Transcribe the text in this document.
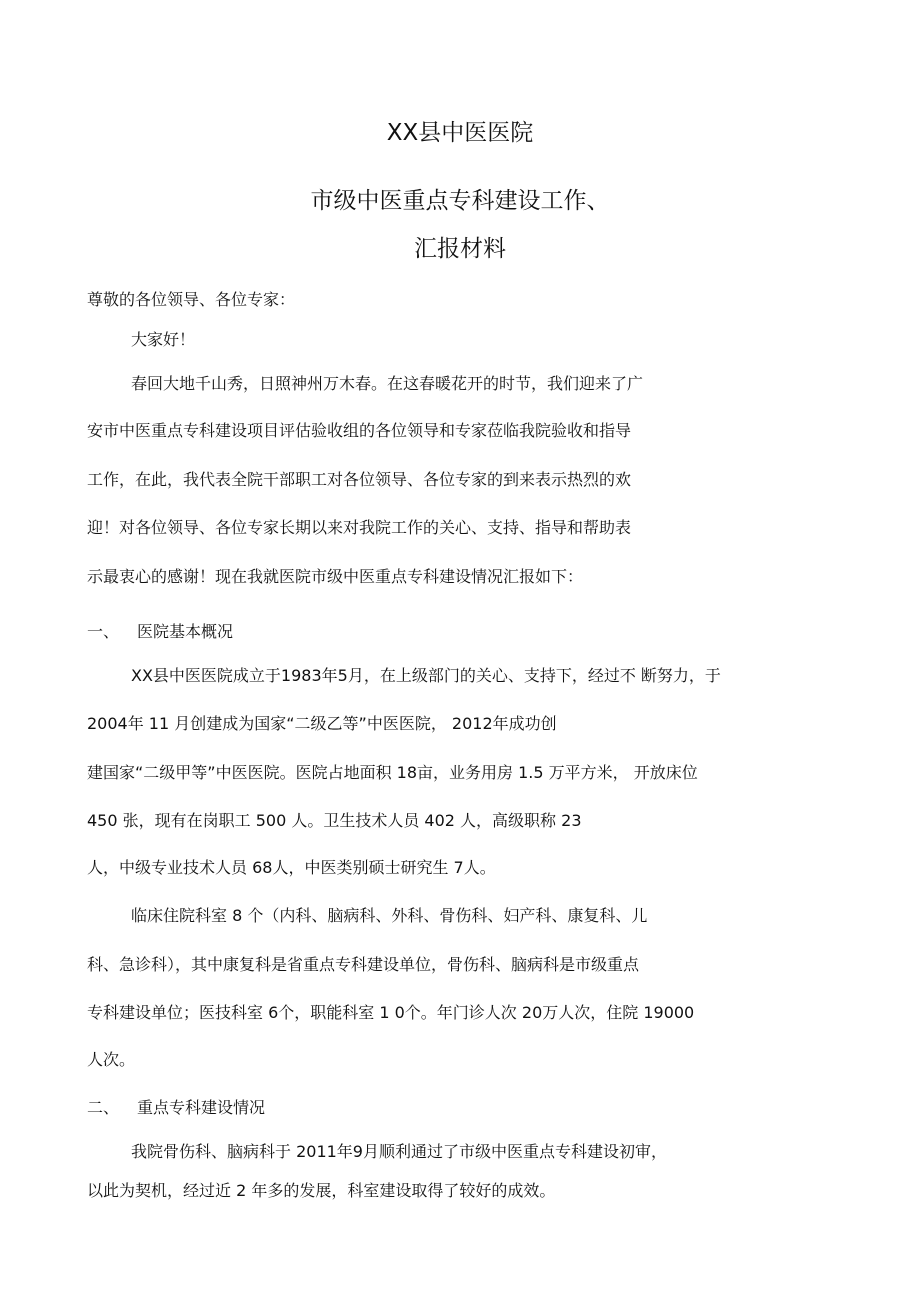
XX县中医医院
市级中医重点专科建设工作、
汇报材料
尊敬的各位领导、各位专家：
大家好！
春回大地千山秀，日照神州万木春。在这春暖花开的时节，我们迎来了广
安市中医重点专科建设项目评估验收组的各位领导和专家莅临我院验收和指导
工作，在此，我代表全院干部职工对各位领导、各位专家的到来表示热烈的欢
迎！对各位领导、各位专家长期以来对我院工作的关心、支持、指导和帮助表
示最衷心的感谢！现在我就医院市级中医重点专科建设情况汇报如下：
一、 医院基本概况
XX县中医医院成立于1983年5月，在上级部门的关心、支持下，经过不 断努力，于
2004年 11 月创建成为国家“二级乙等”中医医院， 2012年成功创
建国家“二级甲等”中医医院。医院占地面积 18亩，业务用房 1.5 万平方米， 开放床位
450 张，现有在岗职工 500 人。卫生技术人员 402 人，高级职称 23
人，中级专业技术人员 68人，中医类别硕士研究生 7人。
临床住院科室 8 个（内科、脑病科、外科、骨伤科、妇产科、康复科、儿
科、急诊科），其中康复科是省重点专科建设单位，骨伤科、脑病科是市级重点
专科建设单位；医技科室 6个，职能科室 1 0个。年门诊人次 20万人次，住院 19000
人次。
二、 重点专科建设情况
我院骨伤科、脑病科于 2011年9月顺利通过了市级中医重点专科建设初审，
以此为契机，经过近 2 年多的发展，科室建设取得了较好的成效。
